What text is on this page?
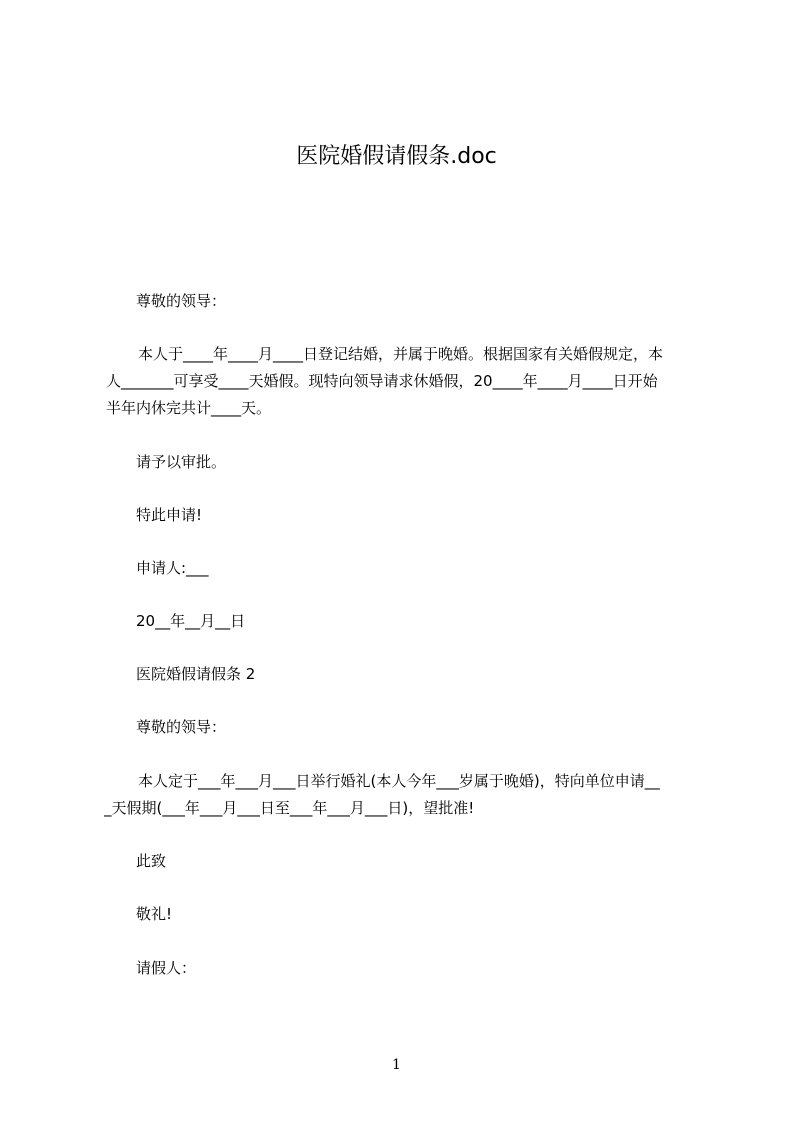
医院婚假请假条.doc
尊敬的领导：
本人于____年____月____日登记结婚，并属于晚婚。根据国家有关婚假规定，本
人_______可享受____天婚假。现特向领导请求休婚假，20____年____月____日开始
半年内休完共计____天。
请予以审批。
特此申请!
申请人:___
20__年__月__日
医院婚假请假条 2
尊敬的领导：
本人定于___年___月___日举行婚礼(本人今年___岁属于晚婚)，特向单位申请__
_天假期(___年___月___日至___年___月___日)，望批准!
此致
敬礼!
请假人：
1
